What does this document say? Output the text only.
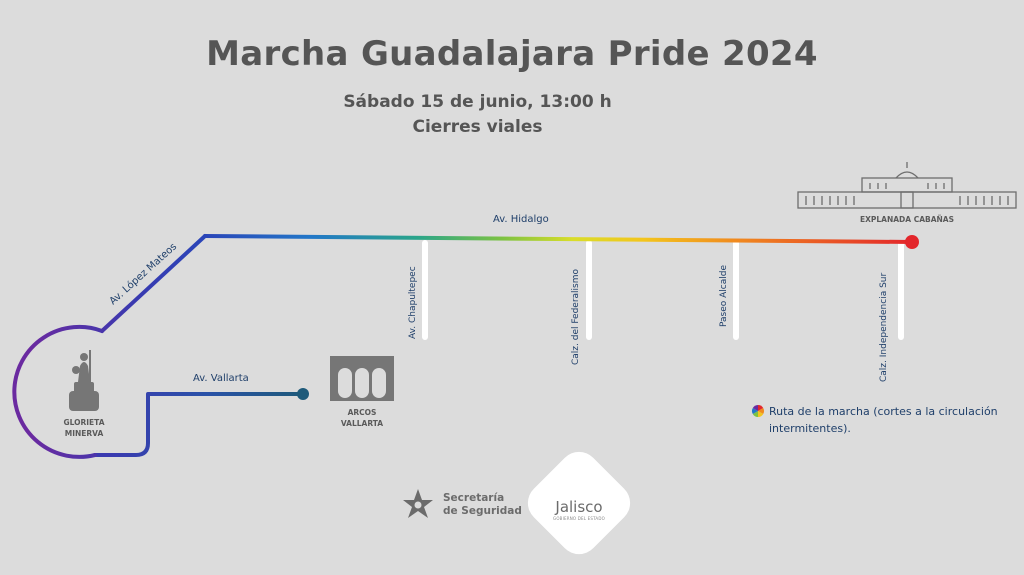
Av. López Mateos
Av. Hidalgo
Av. Vallarta
Av. Chapultepec	Calz. del Federalismo	Paseo Alcalde	Calz. Independencia Sur
GLORIETA
MINERVA
ARCOS
VALLARTA
EXPLANADA CABAÑAS
Marcha Guadalajara Pride 2024
Sábado 15 de junio, 13:00 h
Cierres viales
Ruta de la marcha (cortes a la circulación intermitentes).
Secretaría
de Seguridad	Jalisco
GOBIERNO DEL ESTADO
